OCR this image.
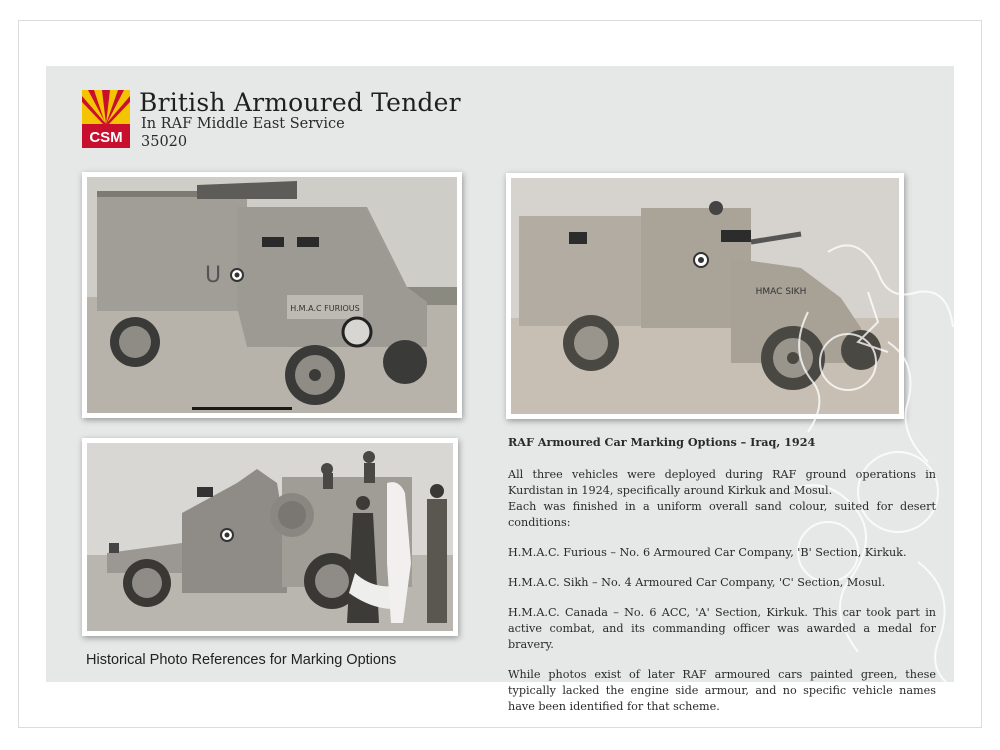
CSM
British Armoured Tender
In RAF Middle East Service
35020
U
H.M.A.C FURIOUS
HMAC SIKH
Historical Photo References for Marking Options
RAF Armoured Car Marking Options – Iraq, 1924

All three vehicles were deployed during RAF ground operations in Kurdistan in 1924, specifically around Kirkuk and Mosul.
Each was finished in a uniform overall sand colour, suited for desert conditions:

H.M.A.C. Furious – No. 6 Armoured Car Company, 'B' Section, Kirkuk.

H.M.A.C. Sikh – No. 4 Armoured Car Company, 'C' Section, Mosul.

H.M.A.C. Canada – No. 6 ACC, 'A' Section, Kirkuk. This car took part in active combat, and its commanding officer was awarded a medal for bravery.

While photos exist of later RAF armoured cars painted green, these typically lacked the engine side armour, and no specific vehicle names have been identified for that scheme.
